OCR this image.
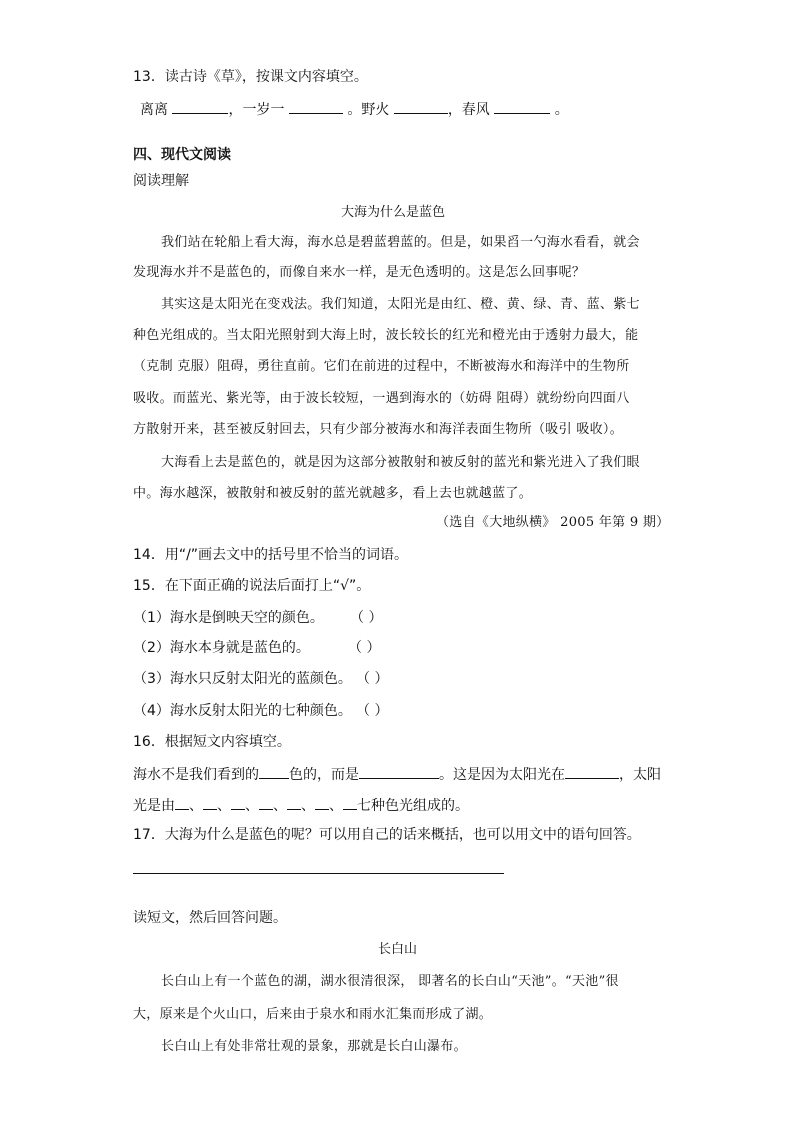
13．读古诗《草》，按课文内容填空。
离离	，一岁一	。野火	，春风	。
四、现代文阅读
阅读理解
大海为什么是蓝色
我们站在轮船上看大海，海水总是碧蓝碧蓝的。但是，如果舀一勺海水看看，就会
发现海水并不是蓝色的，而像自来水一样，是无色透明的。这是怎么回事呢？
其实这是太阳光在变戏法。我们知道，太阳光是由红、橙、黄、绿、青、蓝、紫七
种色光组成的。当太阳光照射到大海上时，波长较长的红光和橙光由于透射力最大，能
（克制 克服）阻碍，勇往直前。它们在前进的过程中，不断被海水和海洋中的生物所
吸收。而蓝光、紫光等，由于波长较短，一遇到海水的（妨碍 阻碍）就纷纷向四面八
方散射开来，甚至被反射回去，只有少部分被海水和海洋表面生物所（吸引 吸收）。
大海看上去是蓝色的，就是因为这部分被散射和被反射的蓝光和紫光进入了我们眼
中。海水越深，被散射和被反射的蓝光就越多，看上去也就越蓝了。
（选自《大地纵横》 2005 年第 9 期）
14．用“/”画去文中的括号里不恰当的词语。
15．在下面正确的说法后面打上“√”。
（1）海水是倒映天空的颜色。 （ ）
（2）海水本身就是蓝色的。	（ ）
（3）海水只反射太阳光的蓝颜色。 （ ）
（4）海水反射太阳光的七种颜色。 （ ）
16．根据短文内容填空。
海水不是我们看到的 色的，而是	。这是因为太阳光在	，太阳
光是由 、 、 、 、 、 、 七种色光组成的。
17．大海为什么是蓝色的呢？可以用自己的话来概括，也可以用文中的语句回答。
读短文，然后回答问题。
长白山
长白山上有一个蓝色的湖，湖水很清很深， 即著名的长白山“天池”。“天池”很
大，原来是个火山口，后来由于泉水和雨水汇集而形成了湖。
长白山上有处非常壮观的景象，那就是长白山瀑布。
